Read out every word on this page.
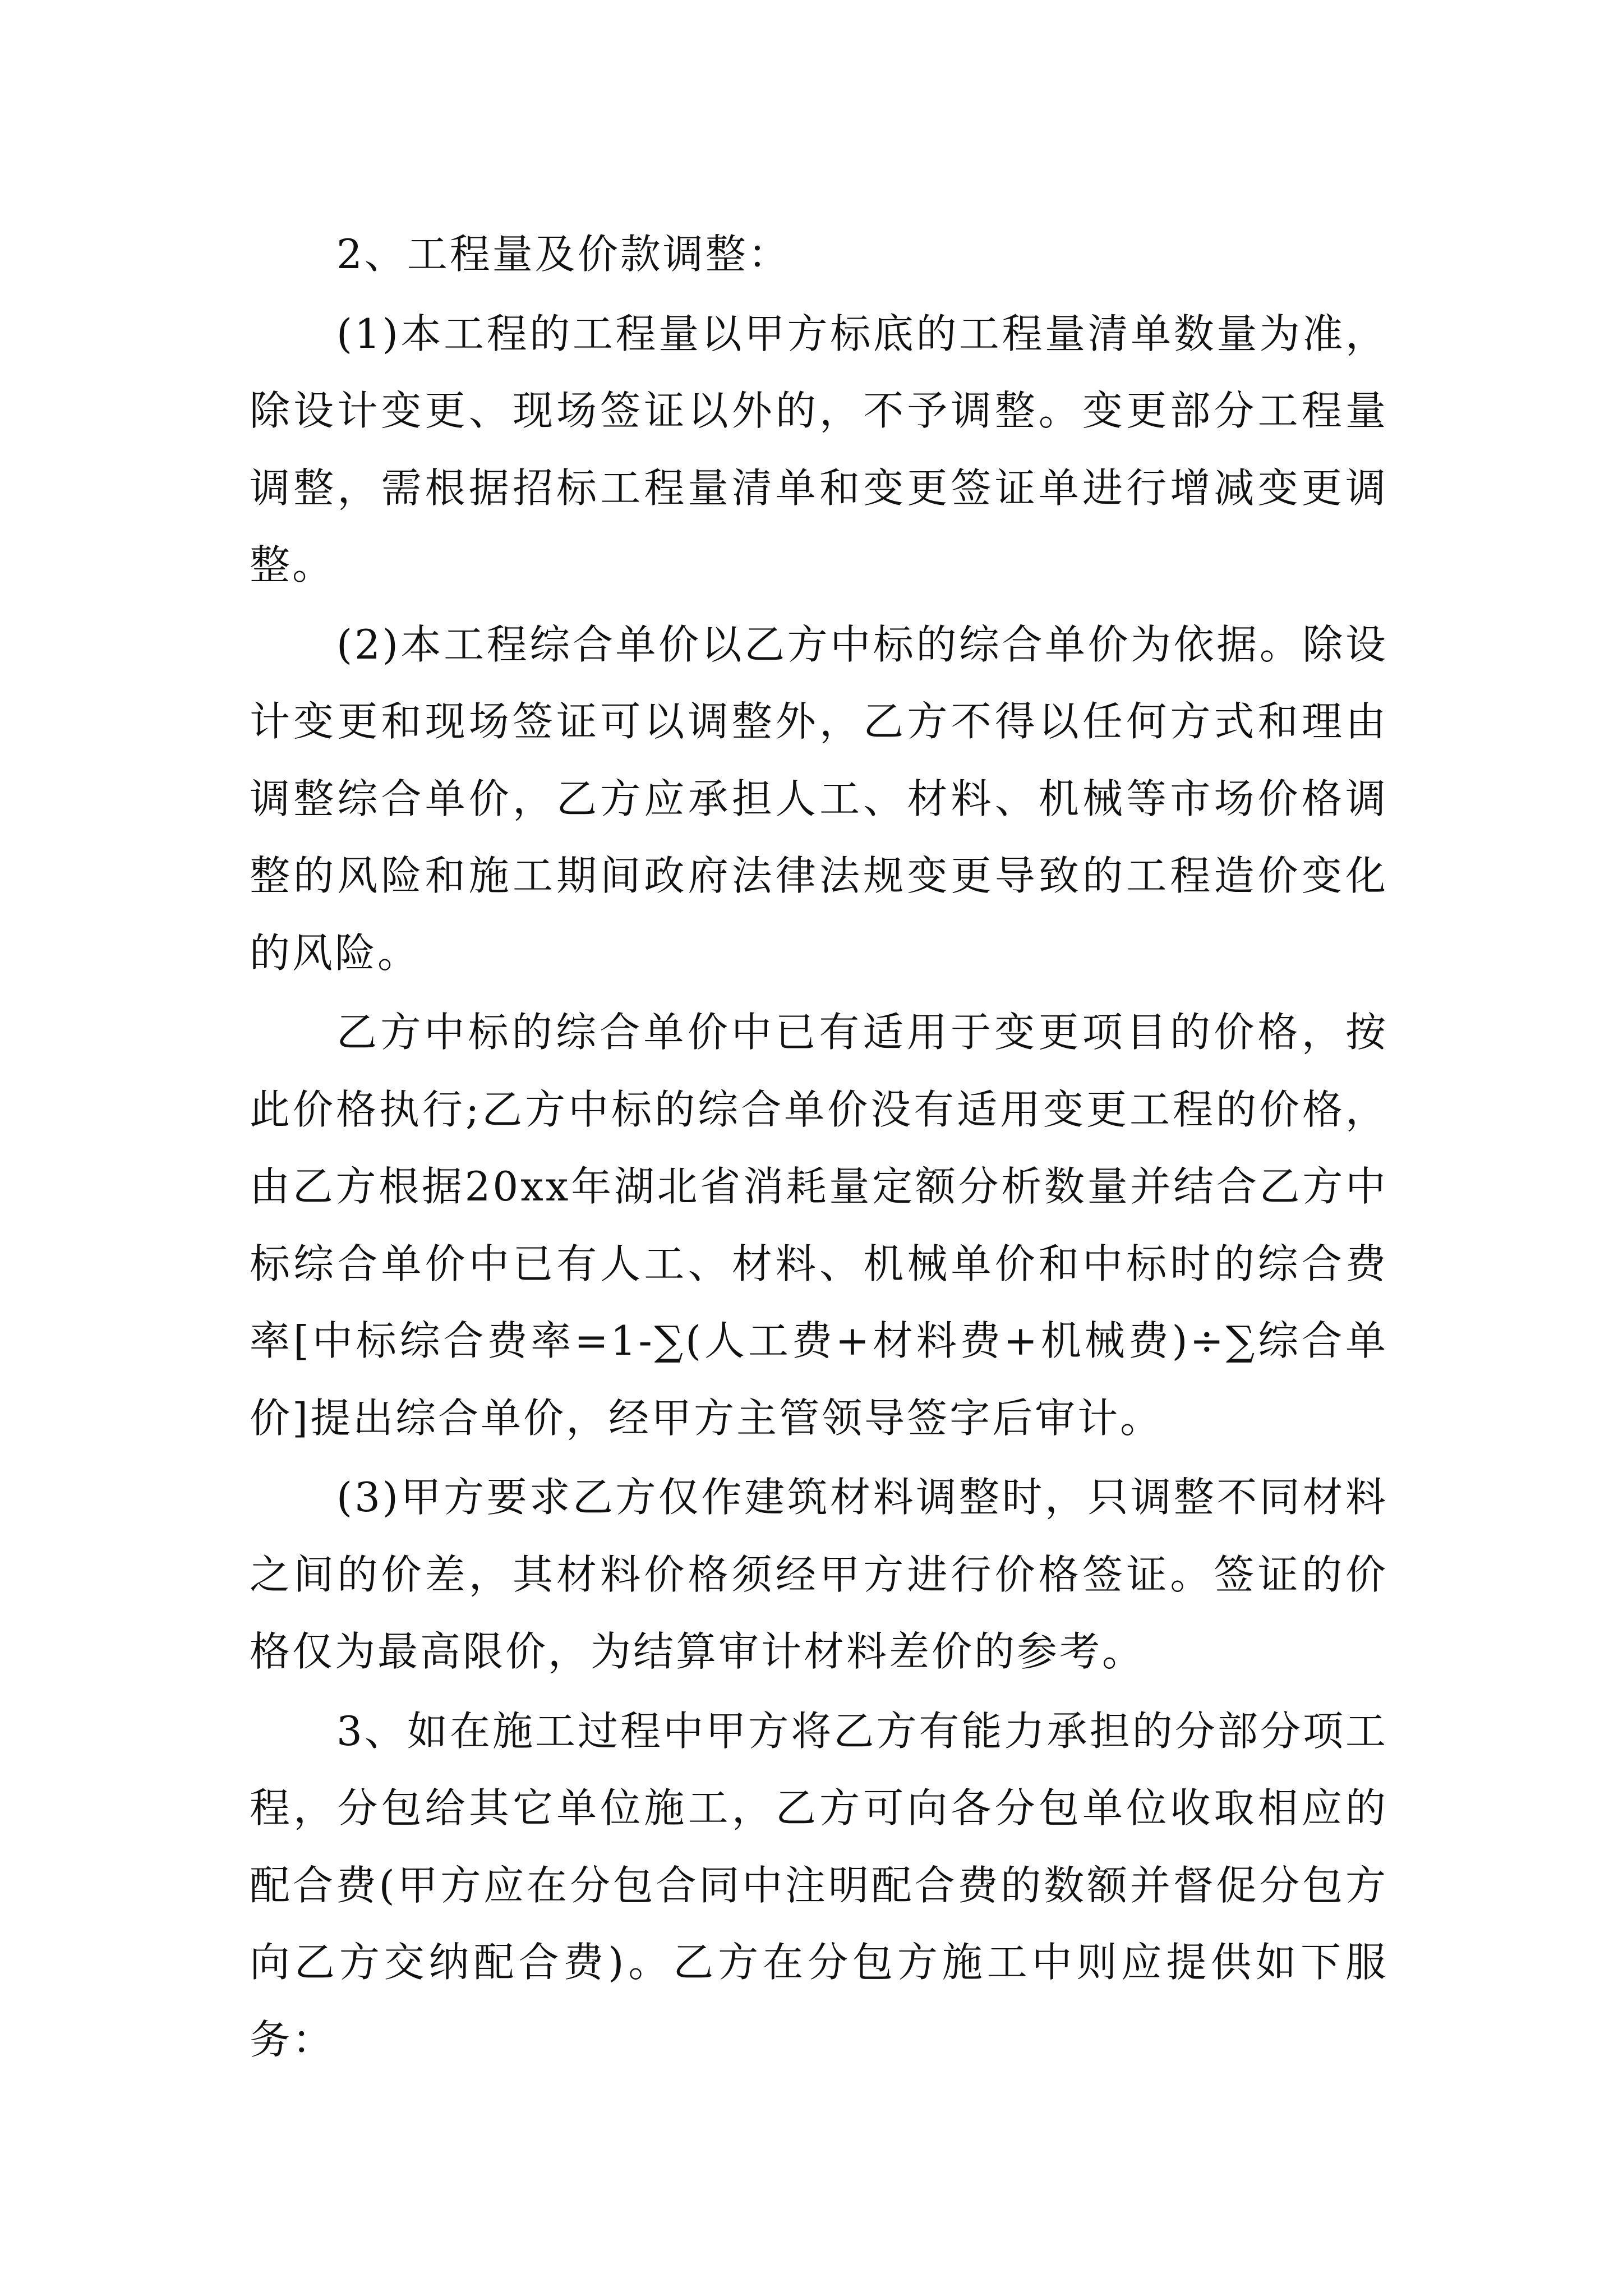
2、工程量及价款调整：

(1)本工程的工程量以甲方标底的工程量清单数量为准，除设计变更、现场签证以外的，不予调整。变更部分工程量调整，需根据招标工程量清单和变更签证单进行增减变更调整。

(2)本工程综合单价以乙方中标的综合单价为依据。除设计变更和现场签证可以调整外，乙方不得以任何方式和理由调整综合单价，乙方应承担人工、材料、机械等市场价格调整的风险和施工期间政府法律法规变更导致的工程造价变化的风险。

乙方中标的综合单价中已有适用于变更项目的价格，按此价格执行;乙方中标的综合单价没有适用变更工程的价格，由乙方根据20xx年湖北省消耗量定额分析数量并结合乙方中标综合单价中已有人工、材料、机械单价和中标时的综合费率[中标综合费率=1-∑(人工费+材料费+机械费)÷∑综合单价]提出综合单价，经甲方主管领导签字后审计。

(3)甲方要求乙方仅作建筑材料调整时，只调整不同材料之间的价差，其材料价格须经甲方进行价格签证。签证的价格仅为最高限价，为结算审计材料差价的参考。

3、如在施工过程中甲方将乙方有能力承担的分部分项工程，分包给其它单位施工，乙方可向各分包单位收取相应的配合费(甲方应在分包合同中注明配合费的数额并督促分包方向乙方交纳配合费)。乙方在分包方施工中则应提供如下服务：
